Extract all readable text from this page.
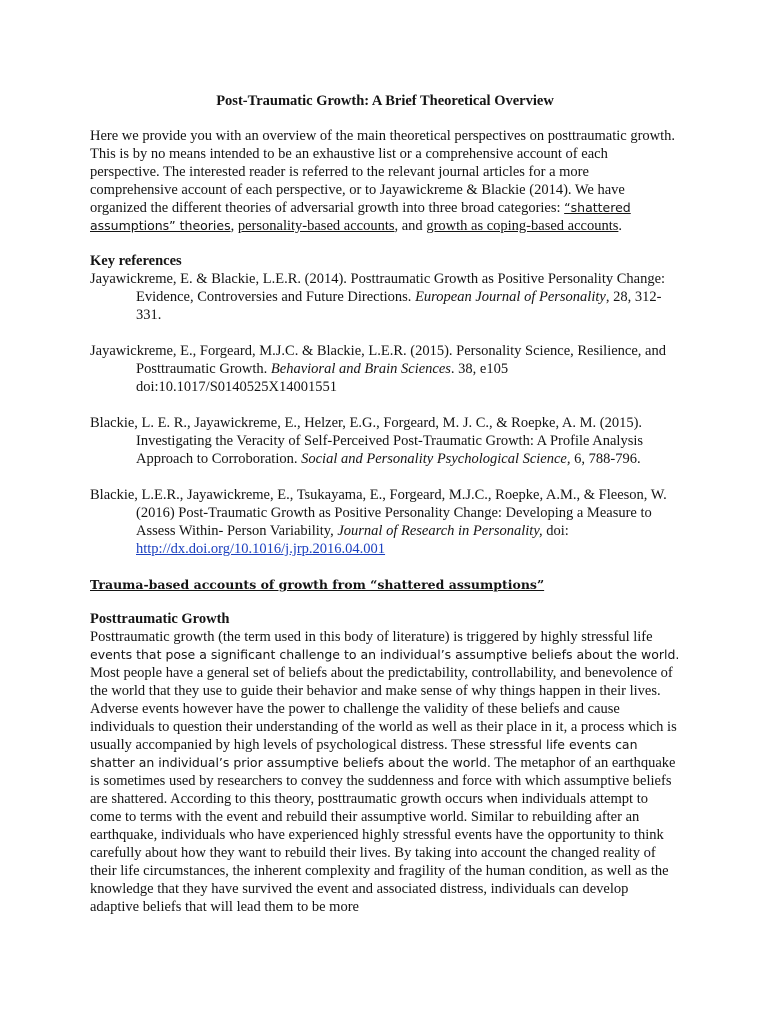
Post-Traumatic Growth: A Brief Theoretical Overview

Here we provide you with an overview of the main theoretical perspectives on posttraumatic growth. This is by no means intended to be an exhaustive list or a comprehensive account of each perspective. The interested reader is referred to the relevant journal articles for a more comprehensive account of each perspective, or to Jayawickreme & Blackie (2014). We have organized the different theories of adversarial growth into three broad categories: “shattered assumptions” theories, personality-based accounts, and growth as coping-based accounts.

Key references

Jayawickreme, E. & Blackie, L.E.R. (2014). Posttraumatic Growth as Positive Personality Change: Evidence, Controversies and Future Directions. European Journal of Personality, 28, 312-331.

Jayawickreme, E., Forgeard, M.J.C. & Blackie, L.E.R. (2015). Personality Science, Resilience, and Posttraumatic Growth. Behavioral and Brain Sciences. 38, e105 doi:10.1017/S0140525X14001551

Blackie, L. E. R., Jayawickreme, E., Helzer, E.G., Forgeard, M. J. C., & Roepke, A. M. (2015). Investigating the Veracity of Self-Perceived Post-Traumatic Growth: A Profile Analysis Approach to Corroboration. Social and Personality Psychological Science, 6, 788-796.

Blackie, L.E.R., Jayawickreme, E., Tsukayama, E., Forgeard, M.J.C., Roepke, A.M., & Fleeson, W. (2016) Post-Traumatic Growth as Positive Personality Change: Developing a Measure to Assess Within- Person Variability, Journal of Research in Personality, doi: http://dx.doi.org/10.1016/j.jrp.2016.04.001

Trauma-based accounts of growth from “shattered assumptions”

Posttraumatic Growth

Posttraumatic growth (the term used in this body of literature) is triggered by highly stressful life events that pose a significant challenge to an individual’s assumptive beliefs about the world. Most people have a general set of beliefs about the predictability, controllability, and benevolence of the world that they use to guide their behavior and make sense of why things happen in their lives. Adverse events however have the power to challenge the validity of these beliefs and cause individuals to question their understanding of the world as well as their place in it, a process which is usually accompanied by high levels of psychological distress. These stressful life events can shatter an individual’s prior assumptive beliefs about the world. The metaphor of an earthquake is sometimes used by researchers to convey the suddenness and force with which assumptive beliefs are shattered. According to this theory, posttraumatic growth occurs when individuals attempt to come to terms with the event and rebuild their assumptive world. Similar to rebuilding after an earthquake, individuals who have experienced highly stressful events have the opportunity to think carefully about how they want to rebuild their lives. By taking into account the changed reality of their life circumstances, the inherent complexity and fragility of the human condition, as well as the knowledge that they have survived the event and associated distress, individuals can develop adaptive beliefs that will lead them to be more
